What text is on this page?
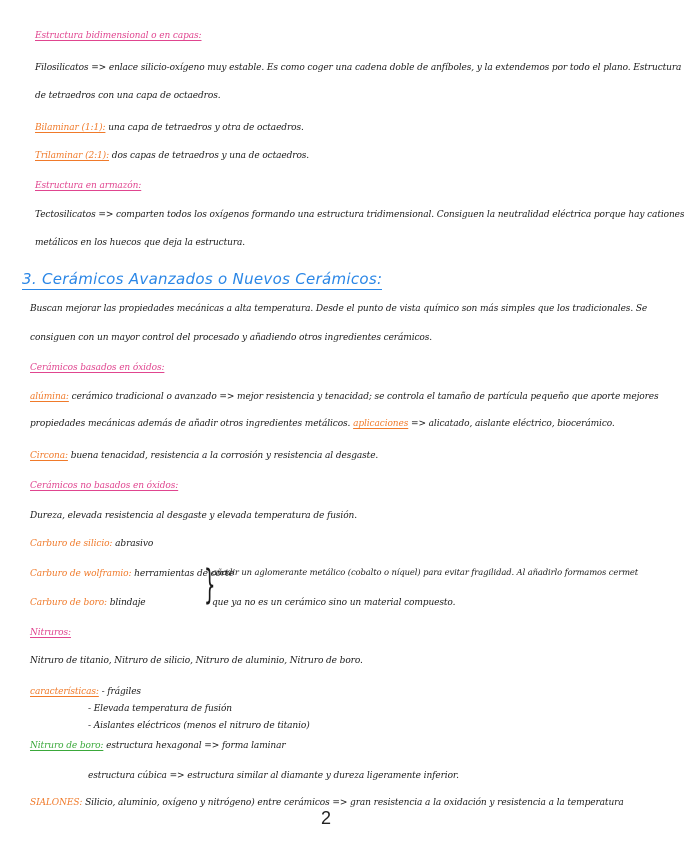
Estructura bidimensional o en capas:
Filosilicatos => enlace silicio-oxígeno muy estable. Es como coger una cadena doble de anfíboles, y la extendemos por todo el plano. Estructura
de tetraedros con una capa de octaedros.
Bilaminar (1:1): una capa de tetraedros y otra de octaedros.
Trilaminar (2:1): dos capas de tetraedros y una de octaedros.
Estructura en armazón:
Tectosilicatos => comparten todos los oxígenos formando una estructura tridimensional. Consiguen la neutralidad eléctrica porque hay cationes
metálicos en los huecos que deja la estructura.
3. Cerámicos Avanzados o Nuevos Cerámicos:
Buscan mejorar las propiedades mecánicas a alta temperatura. Desde el punto de vista químico son más simples que los tradicionales. Se
consiguen con un mayor control del procesado y añadiendo otros ingredientes cerámicos.
Cerámicos basados en óxidos:
alúmina: cerámico tradicional o avanzado => mejor resistencia y tenacidad; se controla el tamaño de partícula pequeño que aporte mejores
propiedades mecánicas además de añadir otros ingredientes metálicos. aplicaciones => alicatado, aislante eléctrico, biocerámico.
Circona: buena tenacidad, resistencia a la corrosión y resistencia al desgaste.
Cerámicos no basados en óxidos:
Dureza, elevada resistencia al desgaste y elevada temperatura de fusión.
Carburo de silicio: abrasivo
Carburo de wolframio: herramientas de corte
Carburo de boro: blindaje }
añadir un aglomerante metálico (cobalto o níquel) para evitar fragilidad. Al añadirlo formamos cermet
que ya no es un cerámico sino un material compuesto.
Nitruros:
Nitruro de titanio, Nitruro de silicio, Nitruro de aluminio, Nitruro de boro.
características: - frágiles
- Elevada temperatura de fusión
- Aislantes eléctricos (menos el nitruro de titanio)
Nitruro de boro: estructura hexagonal => forma laminar
estructura cúbica => estructura similar al diamante y dureza ligeramente inferior.
SIALONES: Silicio, aluminio, oxígeno y nitrógeno) entre cerámicos => gran resistencia a la oxidación y resistencia a la temperatura
2
